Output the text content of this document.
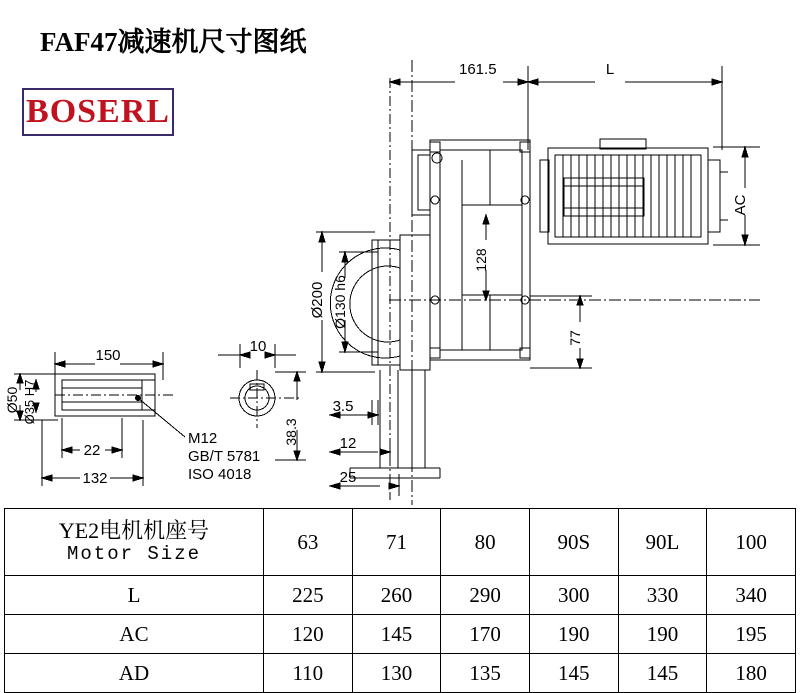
FAF47减速机尺寸图纸
BOSERL
161.5	L
AC
128
77
Ø200 Ø130 h6
3.5
12
25
150
10
22
132
Ø50 Ø35 H7
38.3
M12
GB/T 5781
ISO 4018
YE2电机机座号
Motor Size	63	71	80	90S	90L	100
L	225	260	290	300	330	340
AC	120	145	170	190	190	195
AD	110	130	135	145	145	180
